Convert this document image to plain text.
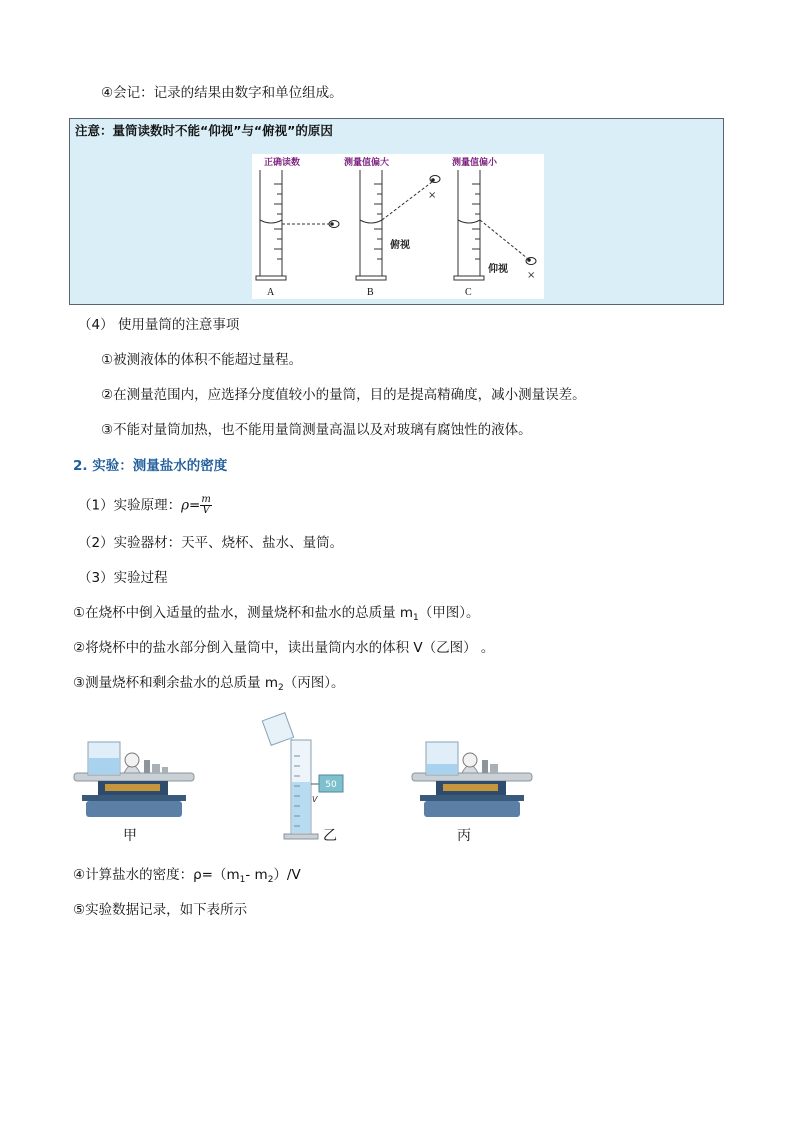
④会记：记录的结果由数字和单位组成。
注意：量筒读数时不能“仰视”与“俯视”的原因
正确读数	测量值偏大	测量值偏小
×
俯视
×
仰视
A	B	C
（4） 使用量筒的注意事项
①被测液体的体积不能超过量程。
②在测量范围内，应选择分度值较小的量筒，目的是提高精确度，减小测量误差。
③不能对量筒加热，也不能用量筒测量高温以及对玻璃有腐蚀性的液体。
2. 实验：测量盐水的密度
（1）实验原理：$\rho= \frac{m}{V}$
（2）实验器材：天平、烧杯、盐水、量筒。
（3）实验过程
①在烧杯中倒入适量的盐水，测量烧杯和盐水的总质量 $m_1$（甲图）。
②将烧杯中的盐水部分倒入量筒中，读出量筒内水的体积 V（乙图） 。
③测量烧杯和剩余盐水的总质量 $m_2$（丙图）。
甲
50
V
乙	丙
④计算盐水的密度：$\rho=(m_1-$ $m_2)/V$
⑤实验数据记录，如下表所示
